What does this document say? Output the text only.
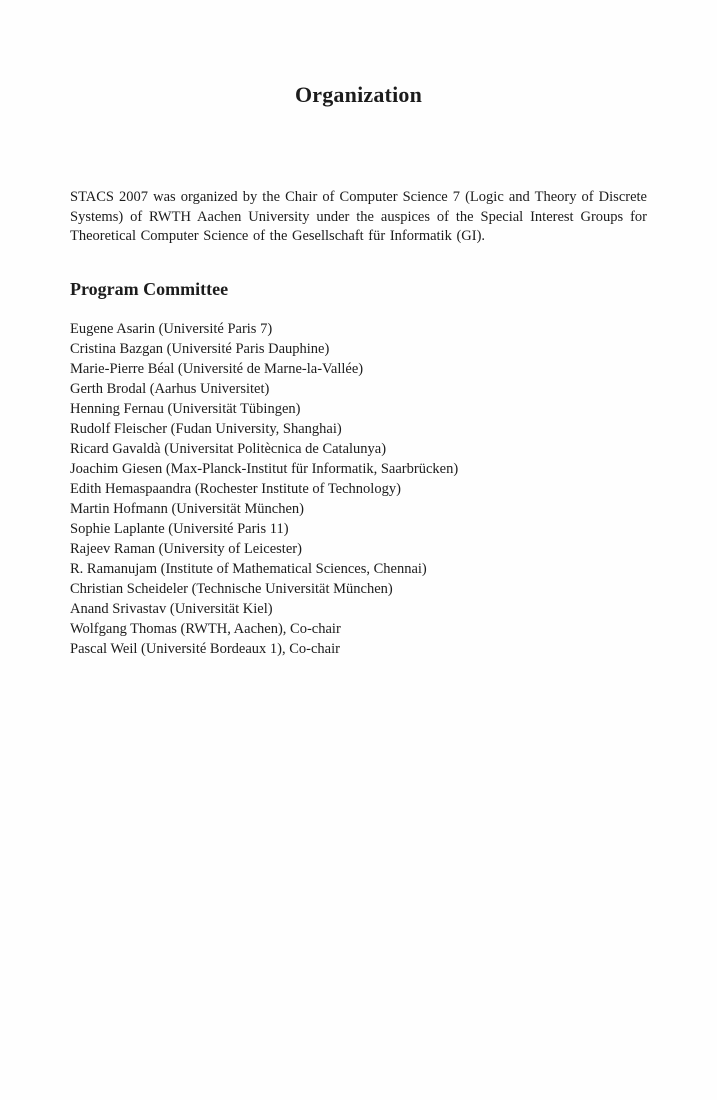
Organization

STACS 2007 was organized by the Chair of Computer Science 7 (Logic and Theory of Discrete Systems) of RWTH Aachen University under the auspices of the Special Interest Groups for Theoretical Computer Science of the Gesellschaft für Informatik (GI).

Program Committee
Eugene Asarin (Université Paris 7)
Cristina Bazgan (Université Paris Dauphine)
Marie-Pierre Béal (Université de Marne-la-Vallée)
Gerth Brodal (Aarhus Universitet)
Henning Fernau (Universität Tübingen)
Rudolf Fleischer (Fudan University, Shanghai)
Ricard Gavaldà (Universitat Politècnica de Catalunya)
Joachim Giesen (Max-Planck-Institut für Informatik, Saarbrücken)
Edith Hemaspaandra (Rochester Institute of Technology)
Martin Hofmann (Universität München)
Sophie Laplante (Université Paris 11)
Rajeev Raman (University of Leicester)
R. Ramanujam (Institute of Mathematical Sciences, Chennai)
Christian Scheideler (Technische Universität München)
Anand Srivastav (Universität Kiel)
Wolfgang Thomas (RWTH, Aachen), Co-chair
Pascal Weil (Université Bordeaux 1), Co-chair
